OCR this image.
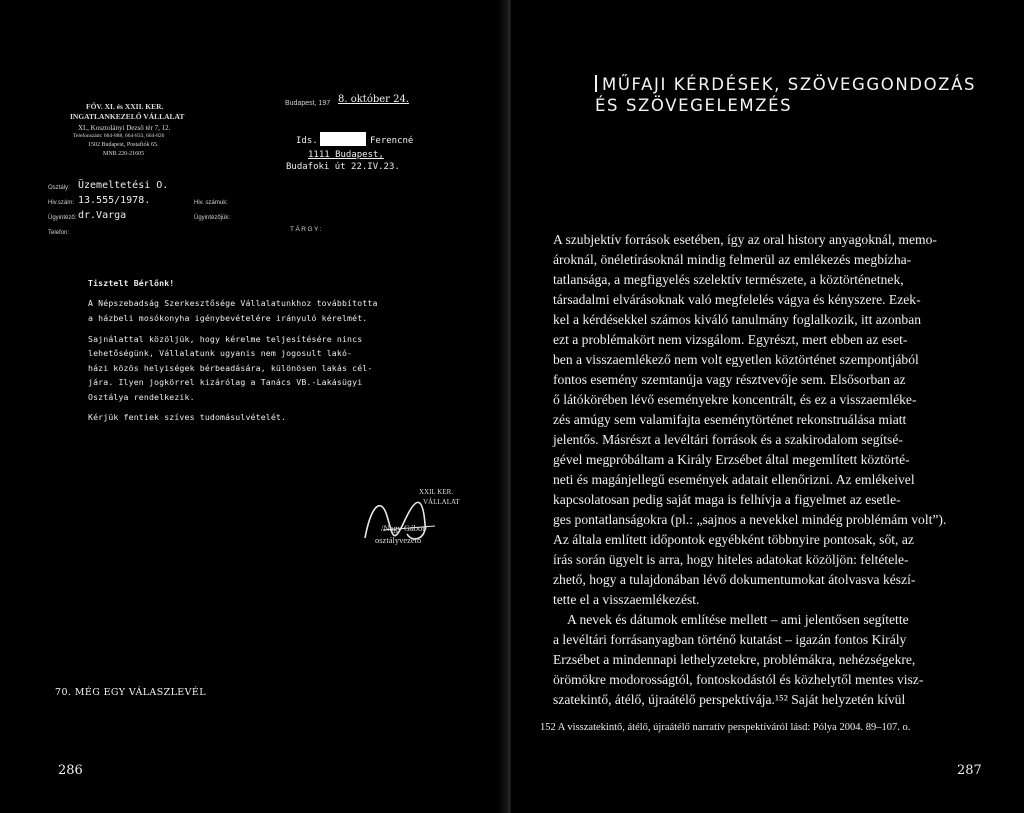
FŐV. XI. és XXII. KER.
INGATLANKEZELŐ VÁLLALAT
XI., Kosztolányi Dezső tér 7, 12.
Telefonszám: 664-888, 664-833, 664-826
1502 Budapest, Postafiók 65.
MNB 220-21605
Budapest, 197 8. október 24.
Osztály: Üzemeltetési O.
Hiv.szám: 13.555/1978.
Ügyintéző: dr.Varga
Telefon:
Hiv. számuk:
Ügyintézőjük:
TÁRGY:
Ids.	Ferencné
1111 Budapest,
Budafoki út 22.IV.23.
Tisztelt Bérlőnk!
A Népszebadság Szerkesztősége Vállalatunkhoz továbbította
a házbeli mosókonyha igénybevételére irányuló kérelmét.
Sajnálattal közöljük, hogy kérelme teljesítésére nincs
lehetőségünk, Vállalatunk ugyanis nem jogosult lakó-
házi közös helyiségek bérbeadására, különösen lakás cél-
jára. Ilyen jogkörrel kizárólag a Tanács VB.-Lakásügyi
Osztálya rendelkezik.
Kérjük fentiek szíves tudomásulvételét.
XXII. KER.
VÁLLALAT
/Nagy Gábor/
osztályvezető
70. MÉG EGY VÁLASZLEVÉL
286
MŰFAJI KÉRDÉSEK, SZÖVEGGONDOZÁS
ÉS SZÖVEGELEMZÉS
A szubjektív források esetében, így az oral history anyagoknál, memo-
ároknál, önéletírásoknál mindig felmerül az emlékezés megbízha-
tatlansága, a megfigyelés szelektív természete, a köztörténetnek,
társadalmi elvárásoknak való megfelelés vágya és kényszere. Ezek-
kel a kérdésekkel számos kiváló tanulmány foglalkozik, itt azonban
ezt a problémakört nem vizsgálom. Egyrészt, mert ebben az eset-
ben a visszaemlékező nem volt egyetlen köztörténet szempontjából
fontos esemény szemtanúja vagy résztvevője sem. Elsősorban az
ő látókörében lévő eseményekre koncentrált, és ez a visszaemléke-
zés amúgy sem valamifajta eseménytörténet rekonstruálása miatt
jelentős. Másrészt a levéltári források és a szakirodalom segítsé-
gével megpróbáltam a Király Erzsébet által megemlített köztörté-
neti és magánjellegű események adatait ellenőrizni. Az emlékeivel
kapcsolatosan pedig saját maga is felhívja a figyelmet az esetle-
ges pontatlanságokra (pl.: „sajnos a nevekkel mindég problémám volt”).
Az általa említett időpontok egyébként többnyire pontosak, sőt, az
írás során ügyelt is arra, hogy hiteles adatokat közöljön: feltétele-
zhető, hogy a tulajdonában lévő dokumentumokat átolvasva készí-
tette el a visszaemlékezést.
A nevek és dátumok említése mellett – ami jelentősen segítette
a levéltári forrásanyagban történő kutatást – igazán fontos Király
Erzsébet a mindennapi lethelyzetekre, problémákra, nehézségekre,
örömökre modorosságtól, fontoskodástól és közhelytől mentes visz-
szatekintő, átélő, újraátélő perspektívája.¹⁵² Saját helyzetén kívül
287
152 A visszatekintő, átélő, újraátélő narratív perspektíváról lásd: Pólya 2004. 89–107. o.
